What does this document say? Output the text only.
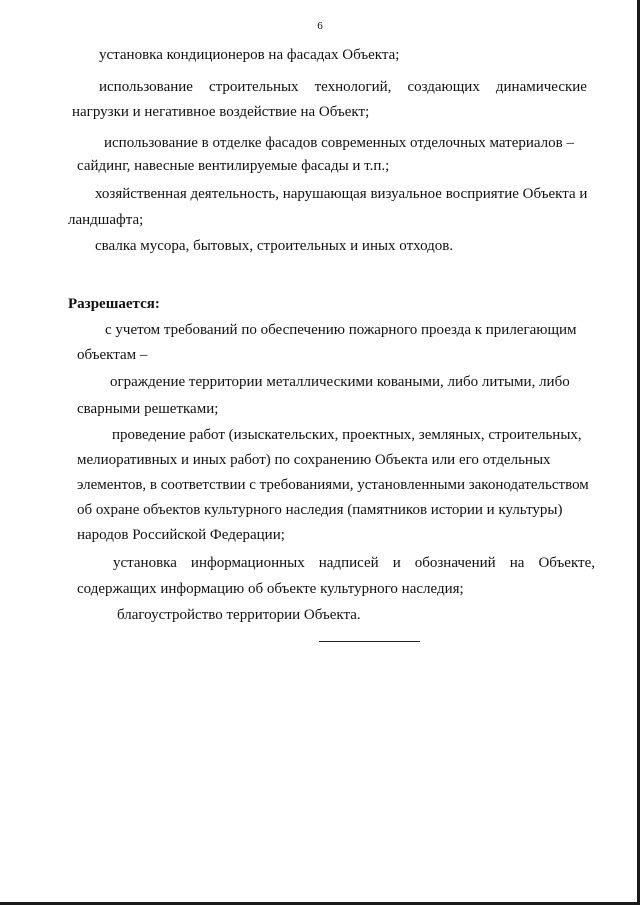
6
установка кондиционеров на фасадах Объекта;
использование строительных технологий, создающих динамические
нагрузки и негативное воздействие на Объект;
использование в отделке фасадов современных отделочных материалов –
сайдинг, навесные вентилируемые фасады и т.п.;
хозяйственная деятельность, нарушающая визуальное восприятие Объекта и
ландшафта;
свалка мусора, бытовых, строительных и иных отходов.
Разрешается:
с учетом требований по обеспечению пожарного проезда к прилегающим
объектам –
ограждение территории металлическими коваными, либо литыми, либо
сварными решетками;
проведение работ (изыскательских, проектных, земляных, строительных,
мелиоративных и иных работ) по сохранению Объекта или его отдельных
элементов, в соответствии с требованиями, установленными законодательством
об охране объектов культурного наследия (памятников истории и культуры)
народов Российской Федерации;
установка информационных надписей и обозначений на Объекте,
содержащих информацию об объекте культурного наследия;
благоустройство территории Объекта.
